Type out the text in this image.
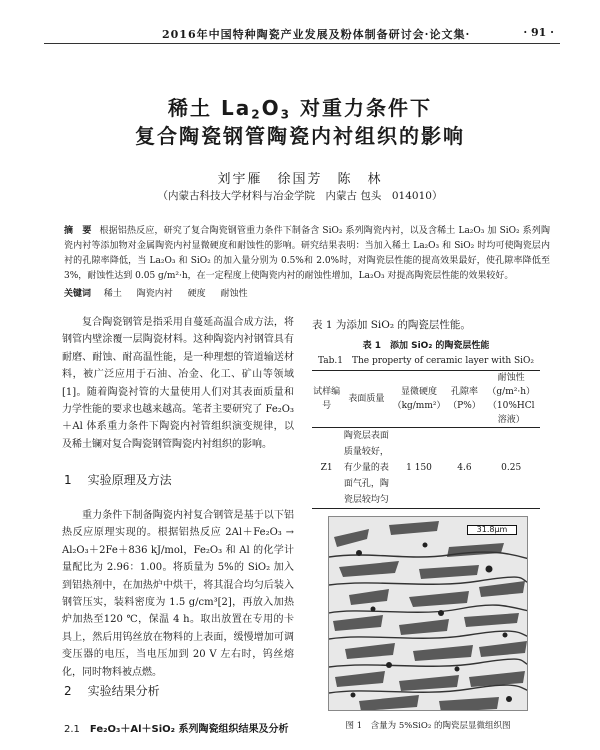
2016年中国特种陶瓷产业发展及粉体制备研讨会·论文集·	· 91 ·
稀土 $La_2O_3$ 对重力条件下
复合陶瓷钢管陶瓷内衬组织的影响
刘宇雁　徐国芳　陈　林
（内蒙古科技大学材料与冶金学院　内蒙古 包头　014010）
摘　要 根据铝热反应，研究了复合陶瓷钢管重力条件下制备含 SiO₂ 系列陶瓷内衬，以及含稀土 La₂O₃ 加 SiO₂ 系列陶瓷内衬等添加物对金属陶瓷内衬显微硬度和耐蚀性的影响。研究结果表明：当加入稀土 La₂O₃ 和 SiO₂ 时均可使陶瓷层内衬的孔隙率降低，当 La₂O₃ 和 SiO₂ 的加入量分别为 0.5%和 2.0%时，对陶瓷层性能的提高效果最好，使孔隙率降低至3%，耐蚀性达到 0.05 g/m²·h，在一定程度上使陶瓷内衬的耐蚀性增加，La₂O₃ 对提高陶瓷层性能的效果较好。
关键词 稀土 陶瓷内衬 硬度 耐蚀性
复合陶瓷钢管是指采用自蔓延高温合成方法，将钢管内壁涂覆一层陶瓷材料。这种陶瓷内衬钢管具有耐磨、耐蚀、耐高温性能，是一种理想的管道输送材料，被广泛应用于石油、冶金、化工、矿山等领域[1]。随着陶瓷衬管的大量使用人们对其表面质量和力学性能的要求也越来越高。笔者主要研究了 Fe₂O₃＋Al 体系重力条件下陶瓷内衬管组织演变规律，以及稀土镧对复合陶瓷钢管陶瓷内衬组织的影响。
1 实验原理及方法
重力条件下制备陶瓷内衬复合钢管是基于以下铝热反应原理实现的。根据铝热反应 2Al＋Fe₂O₃ → Al₂O₃＋2Fe＋836 kJ/mol，Fe₂O₃ 和 Al 的化学计量配比为 2.96：1.00。将质量为 5%的 SiO₂ 加入到铝热剂中，在加热炉中烘干，将其混合均匀后装入钢管压实，装料密度为 1.5 g/cm³[2]，再放入加热炉加热至120 ℃，保温 4 h。取出放置在专用的卡具上，然后用钨丝放在物料的上表面，缓慢增加可调变压器的电压，当电压加到 20 V 左右时，钨丝熔化，同时物料被点燃。
2 实验结果分析
2.1 Fe₂O₃＋Al＋SiO₂ 系列陶瓷组织结果及分析
表 1 为添加 SiO₂ 的陶瓷层性能。
表 1　添加 SiO₂ 的陶瓷层性能
Tab.1　The property of ceramic layer with SiO₂
试样编号	表面质量	显微硬度（kg/mm²）	孔隙率（P%）	耐蚀性（g/m²·h）（10%HCl 溶液）
Z1	陶瓷层表面质量较好，有少量的表面气孔，陶瓷层较均匀	1 150	4.6	0.25
31.8μm
图 1　含量为 5%SiO₂ 的陶瓷层显微组织图
